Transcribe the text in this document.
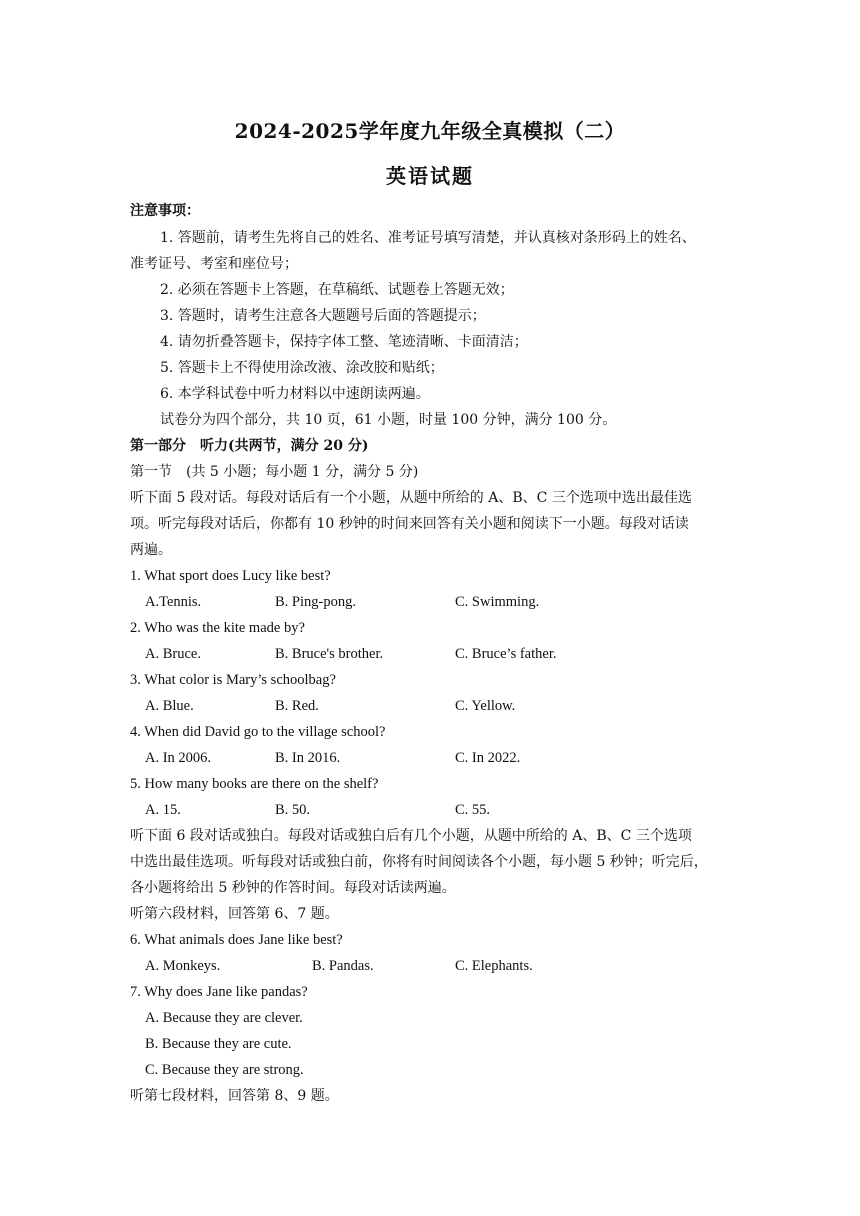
2024-2025学年度九年级全真模拟（二）
英语试题
注意事项：
1. 答题前，请考生先将自己的姓名、准考证号填写清楚，并认真核对条形码上的姓名、
准考证号、考室和座位号；
2. 必须在答题卡上答题，在草稿纸、试题卷上答题无效；
3. 答题时，请考生注意各大题题号后面的答题提示；
4. 请勿折叠答题卡，保持字体工整、笔迹清晰、卡面清洁；
5. 答题卡上不得使用涂改液、涂改胶和贴纸；
6. 本学科试卷中听力材料以中速朗读两遍。
试卷分为四个部分，共 10 页，61 小题，时量 100 分钟，满分 100 分。
第一部分　听力(共两节，满分 20 分)
第一节　(共 5 小题；每小题 1 分，满分 5 分)
听下面 5 段对话。每段对话后有一个小题，从题中所给的 A、B、C 三个选项中选出最佳选
项。听完每段对话后，你都有 10 秒钟的时间来回答有关小题和阅读下一小题。每段对话读
两遍。
1. What sport does Lucy like best?
A.Tennis.	B. Ping-pong.	C. Swimming.
2. Who was the kite made by?
A. Bruce.	B. Bruce's brother.	C. Bruce’s father.
3. What color is Mary’s schoolbag?
A. Blue.	B. Red.	C. Yellow.
4. When did David go to the village school?
A. In 2006.	B. In 2016.	C. In 2022.
5. How many books are there on the shelf?
A. 15.	B. 50.	C. 55.
听下面 6 段对话或独白。每段对话或独白后有几个小题，从题中所给的 A、B、C 三个选项
中选出最佳选项。听每段对话或独白前，你将有时间阅读各个小题，每小题 5 秒钟；听完后，
各小题将给出 5 秒钟的作答时间。每段对话读两遍。
听第六段材料，回答第 6、7 题。
6. What animals does Jane like best?
A. Monkeys.	B. Pandas.	C. Elephants.
7. Why does Jane like pandas?
A. Because they are clever.
B. Because they are cute.
C. Because they are strong.
听第七段材料，回答第 8、9 题。
